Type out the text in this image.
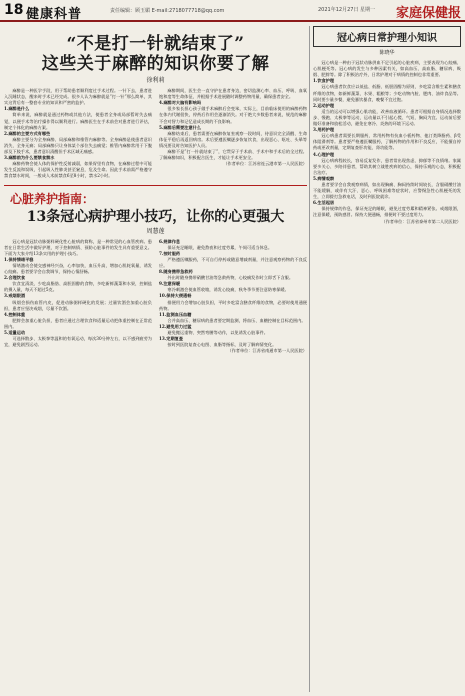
18 健康科普	责任编辑：顾玉媚 E-mail:2718077718@qq.com	2021年12月27日 星期一 家庭保健报
“不是打一针就结束了”
这些关于麻醉的知识你要了解
徐利莉

麻醉是一种医学手段，用于帮助患者顺利度过手术过程。一针下去，患者进入沉睡状态，醒来时手术已经完成。很多人认为麻醉就是“打一针”那么简单，其实这背后有一整套专业的知识和严密的监护。

1.麻醉是什么

简单来说，麻醉就是通过药物或其他方法，使患者全身或局部暂时失去痛觉，以便手术等治疗操作得以顺利进行。麻醉医生在手术前会对患者进行评估，制定个体化的麻醉方案。

2.麻醉的主要方式有哪些

麻醉主要分为全身麻醉、局部麻醉和椎管内麻醉等。全身麻醉是使患者意识消失、全身无痛；局部麻醉只让身体某个部位失去痛觉；椎管内麻醉常用于下腹部及下肢手术，患者意识清醒但手术区域无痛感。

3.麻醉前为什么要禁食禁水

麻醉药物会使人体的保护性反射减弱，如果胃里有食物，在麻醉过程中可能发生反流和误吸，引起吸入性肺炎甚至窒息，危及生命。因此手术前需严格遵守禁食禁水时间，一般成人术前禁食6至8小时，禁水2小时。

麻醉期间，医生会一直守护在患者身边，密切监测心率、血压、呼吸、血氧饱和度等生命体征，并根据手术进展随时调整药物用量，确保患者安全。

4.麻醉对大脑有影响吗

很多家长担心孩子做手术麻醉后会变笨，实际上，目前临床使用的麻醉药物在体内代谢很快，停药后作用会逐渐消失。对于绝大多数患者来说，规范的麻醉不会对智力和记忆造成长期的不良影响。

5.麻醉后需要注意什么

麻醉结束后，患者需要在麻醉恢复室观察一段时间，待意识完全清醒、生命体征平稳后再返回病房。术后要遵医嘱逐步恢复饮食，出现恶心、呕吐、头晕等情况要及时告知医护人员。

麻醉不是“打一针就结束了”，它贯穿于手术前、手术中和手术后的全过程。了解麻醉知识，积极配合医生，才能让手术更安全。

（作者单位：江苏省连云港市第一人民医院）

心脏养护指南：
13条冠心病护理小技巧，让你的心更强大
周慧莲

冠心病是冠状动脉粥样硬化性心脏病的简称，是一种常见的心血管疾病。患者在日常生活中做好护理，对于控制病情、预防心脏事件的发生具有重要意义。下面为大家介绍13条实用的护理小技巧。

1.保持情绪平稳

情绪激动会使交感神经兴奋，心率加快，血压升高，增加心肌耗氧量，诱发心绞痛。患者要学会自我调节，保持心情舒畅。

2.合理饮食

饮食宜清淡，少吃高脂肪、高胆固醇的食物，多吃新鲜蔬菜和水果，控制盐的摄入量，每天不超过5克。

3.戒烟限酒

吸烟会损伤血管内皮，促进动脉粥样硬化的发展；过量饮酒会加重心脏负担，患者应坚决戒烟，尽量不饮酒。

4.控制体重

肥胖会加重心脏负担，患者应通过合理饮食和适量运动把体重控制在正常范围内。

5.适量运动

可选择散步、太极拳等温和的有氧运动，每次30分钟左右，以不感到疲劳为宜，避免剧烈运动。

6.规律作息

保证充足睡眠，避免熬夜和过度劳累，午间可适当休息。

7.按时服药

严格遵医嘱服药，不可自行停药或随意增减剂量，并注意观察药物的不良反应。

8.随身携带急救药

外出时随身携带硝酸甘油等急救药物，心绞痛发作时立即舌下含服。

9.注意保暖

寒冷刺激会使血管收缩，诱发心绞痛，秋冬季节要注意防寒保暖。

10.保持大便通畅

排便用力会增加心脏负担，平时多吃富含膳食纤维的食物，必要时使用通便药物。

11.监测血压血糖

合并高血压、糖尿病的患者要定期监测，将血压、血糖控制在目标范围内。

12.避免用力过猛

避免搬运重物、突然弯腰等动作，以免诱发心脏事件。

13.定期复查

按时到医院复查心电图、血脂等指标，及时了解病情变化。

（作者单位：江苏省南通市第一人民医院）

冠心病日常护理小知识
陈晓华

冠心病是一种由于冠状动脉供血不足引起的心脏疾病，主要表现为心绞痛、心肌梗死等。冠心病的发生与多种因素有关，如高血压、高血脂、糖尿病、吸烟、肥胖等。除了积极治疗外，日常护理对于病情的控制也非常重要。

1.饮食护理

冠心病患者饮食应以低盐、低脂、低胆固醇为原则，多吃富含维生素和膳食纤维的食物，如新鲜蔬菜、水果、粗粮等；少吃动物内脏、肥肉、油炸食品等。同时要少量多餐，避免暴饮暴食，晚餐不宜过饱。

2.运动护理

适当的运动可以增强心肌功能，改善血液循环。患者可根据自身情况选择散步、慢跑、太极拳等运动，运动量以不引起心慌、气短、胸闷为宜。运动前后要做好准备和放松活动，避免在寒冷、炎热的环境下运动。

3.用药护理

冠心病患者需要长期服药，常用药物有抗血小板药物、他汀类降脂药、β受体阻滞剂等。患者要严格遵医嘱服药，了解药物的作用和不良反应，不能擅自停药或更改剂量，定期复查肝功能、肾功能等。

4.心理护理

冠心病病程较长，容易反复发作，患者常出现焦虑、抑郁等不良情绪。家属要多关心、多陪伴患者，帮助其树立战胜疾病的信心，保持乐观的心态，积极配合治疗。

5.病情观察

患者要学会自我观察病情，如出现胸痛、胸闷持续时间较长，含服硝酸甘油不能缓解，或伴有大汗、恶心、呼吸困难等症状时，应警惕急性心肌梗死的发生，立即拨打急救电话，及时到医院就诊。

6.生活起居

保持规律的作息，保证充足的睡眠，避免过度劳累和精神紧张。戒烟限酒，注意保暖，预防感冒。保持大便通畅，排便时不要过度用力。

（作者单位：江苏省泰州市第二人民医院）
